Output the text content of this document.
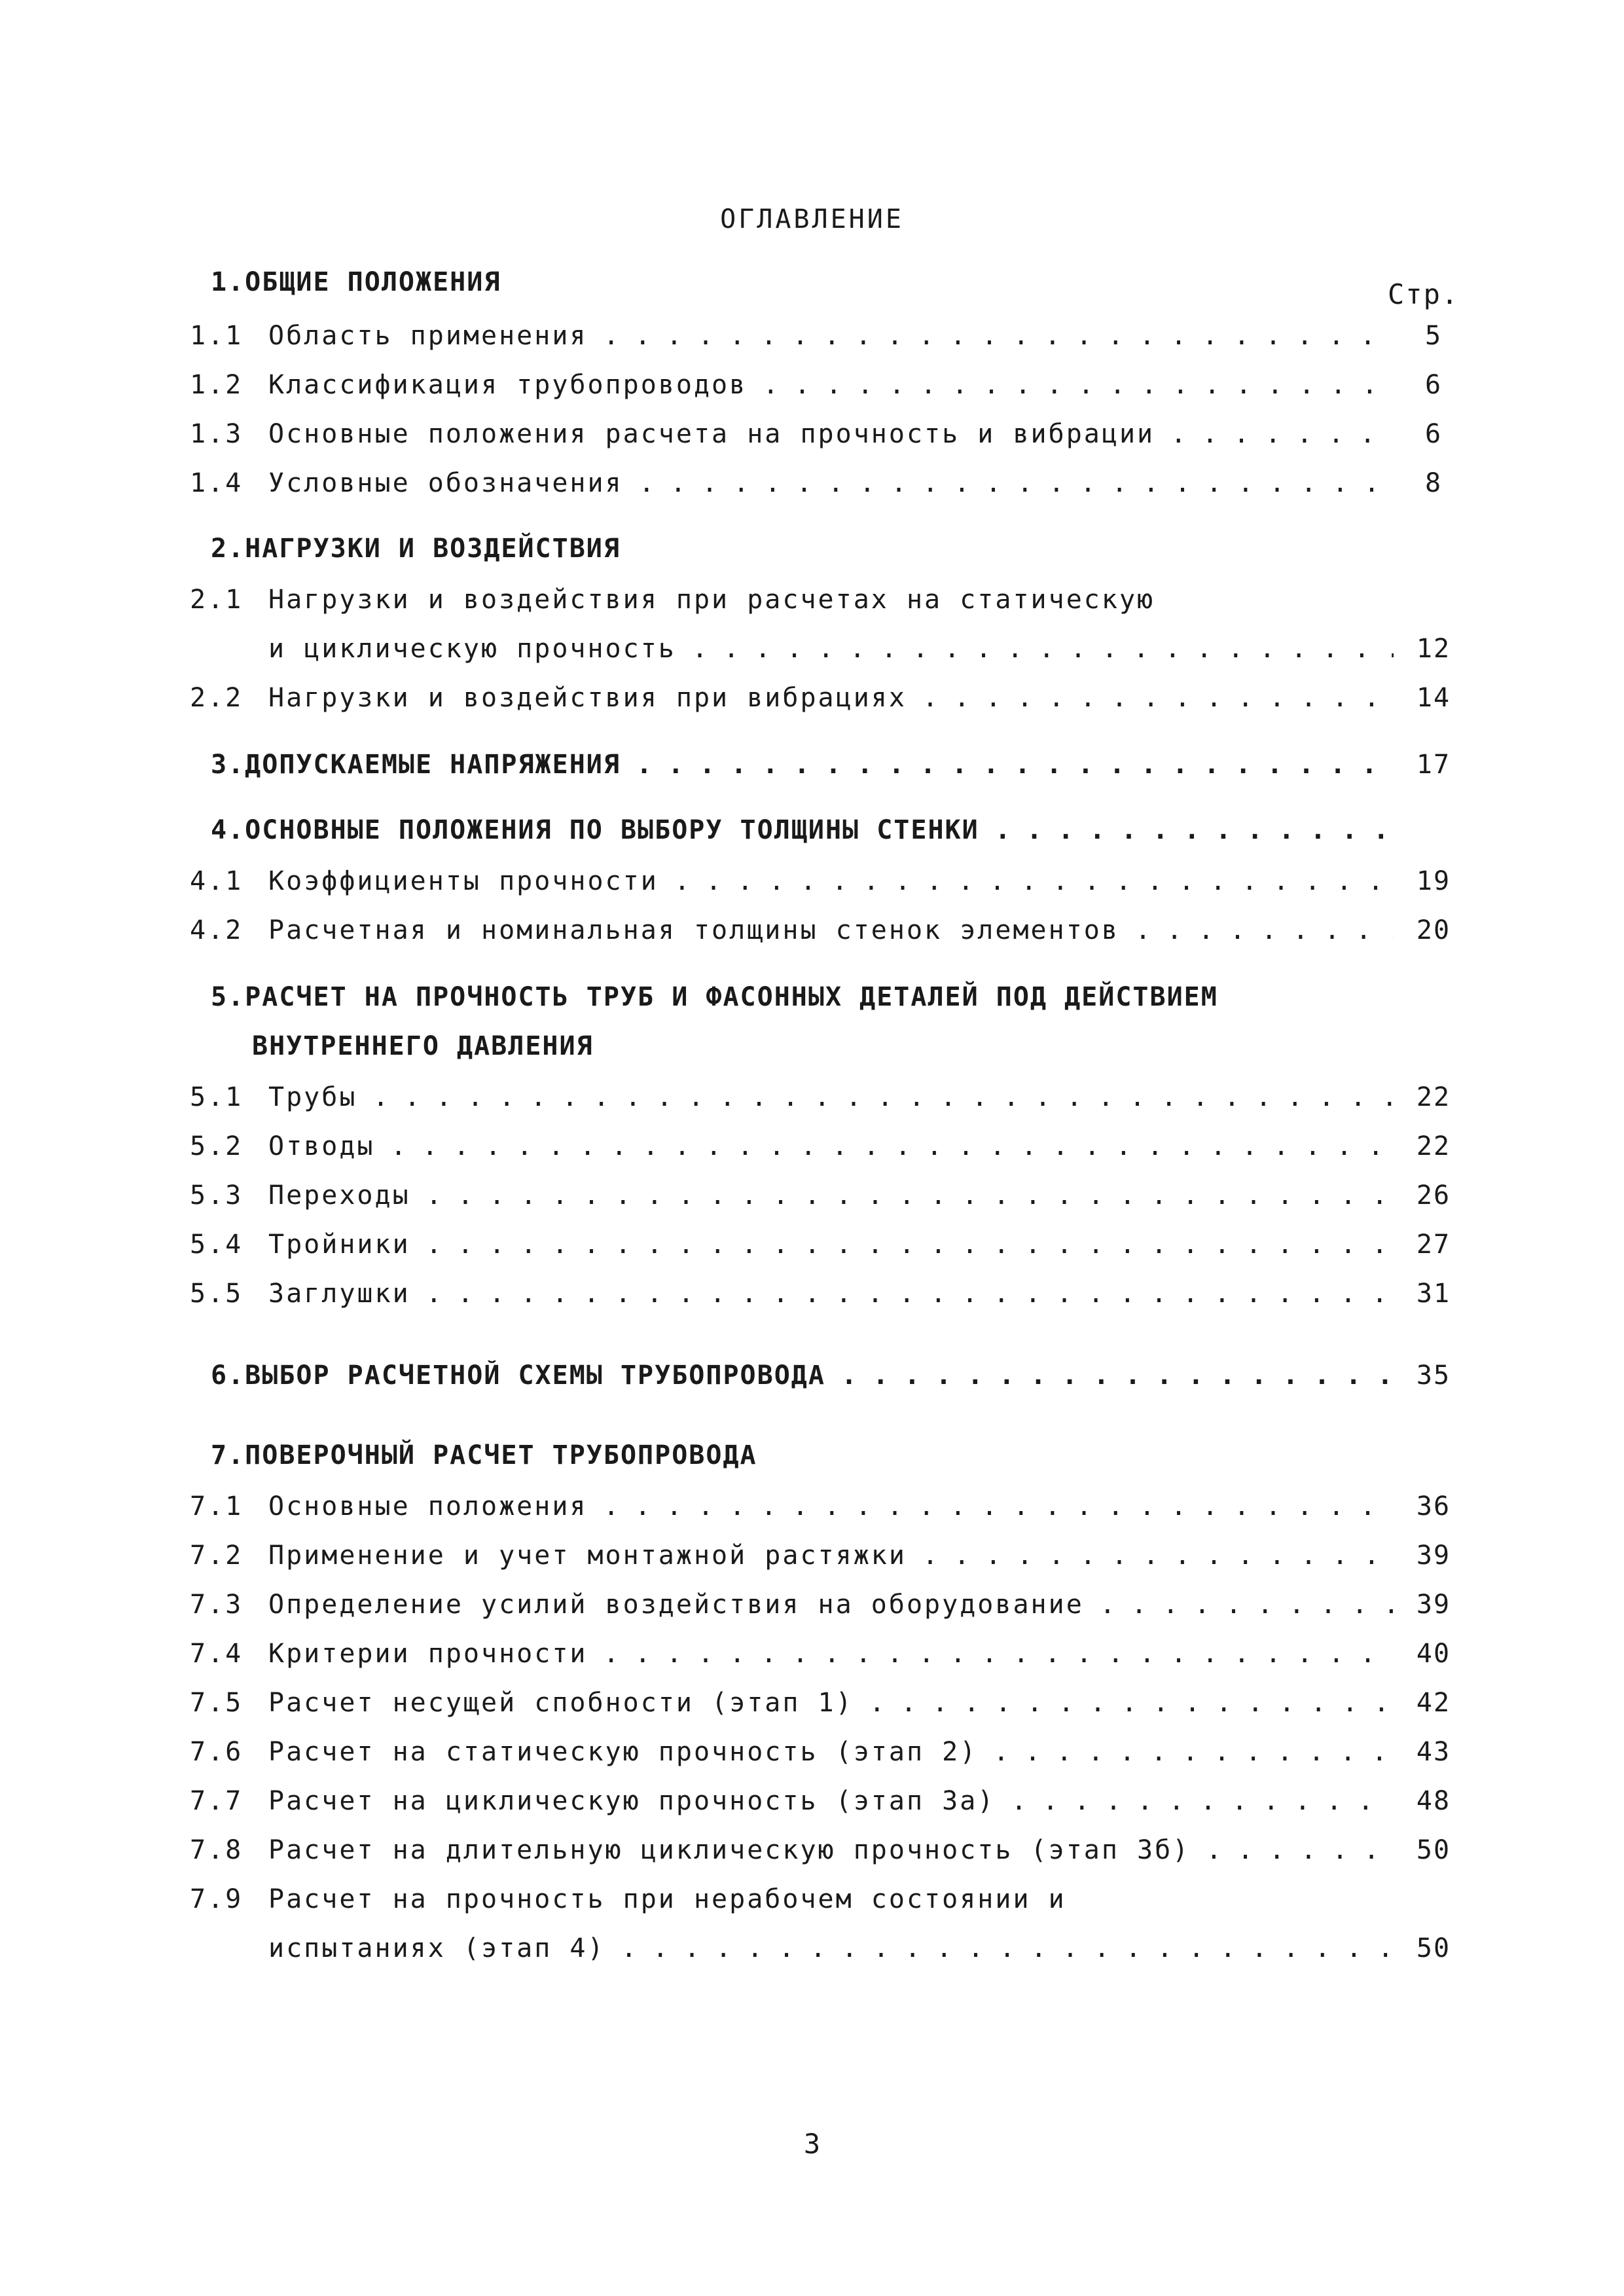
ОГЛАВЛЕНИЕ
Стр.
1.ОБЩИЕ ПОЛОЖЕНИЯ
1.1 Область применения . . .	5
1.2 Классификация трубопроводов . . .	6
1.3 Основные положения расчета на прочность и вибрации . . .	6
1.4 Условные обозначения . . .	8
2.НАГРУЗКИ И ВОЗДЕЙСТВИЯ
2.1 Нагрузки и воздействия при расчетах на статическую
и циклическую прочность . . .	12
2.2 Нагрузки и воздействия при вибрациях . . .	14
3.ДОПУСКАЕМЫЕ НАПРЯЖЕНИЯ . . .	17
4.ОСНОВНЫЕ ПОЛОЖЕНИЯ ПО ВЫБОРУ ТОЛЩИНЫ СТЕНКИ . . .
4.1 Коэффициенты прочности . . .	19
4.2 Расчетная и номинальная толщины стенок элементов . . .	20
5.РАСЧЕТ НА ПРОЧНОСТЬ ТРУБ И ФАСОННЫХ ДЕТАЛЕЙ ПОД ДЕЙСТВИЕМ
ВНУТРЕННЕГО ДАВЛЕНИЯ
5.1 Трубы . . .	22
5.2 Отводы . . .	22
5.3 Переходы . . .	26
5.4 Тройники . . .	27
5.5 Заглушки . . .	31
6.ВЫБОР РАСЧЕТНОЙ СХЕМЫ ТРУБОПРОВОДА . . .	35
7.ПОВЕРОЧНЫЙ РАСЧЕТ ТРУБОПРОВОДА
7.1 Основные положения . . .	36
7.2 Применение и учет монтажной растяжки . . .	39
7.3 Определение усилий воздействия на оборудование . . .	39
7.4 Критерии прочности . . .	40
7.5 Расчет несущей спобности (этап 1) . . .	42
7.6 Расчет на статическую прочность (этап 2) . . .	43
7.7 Расчет на циклическую прочность (этап 3а) . . .	48
7.8 Расчет на длительную циклическую прочность (этап 3б) . . .	50
7.9 Расчет на прочность при нерабочем состоянии и
испытаниях (этап 4) . . .	50
3
